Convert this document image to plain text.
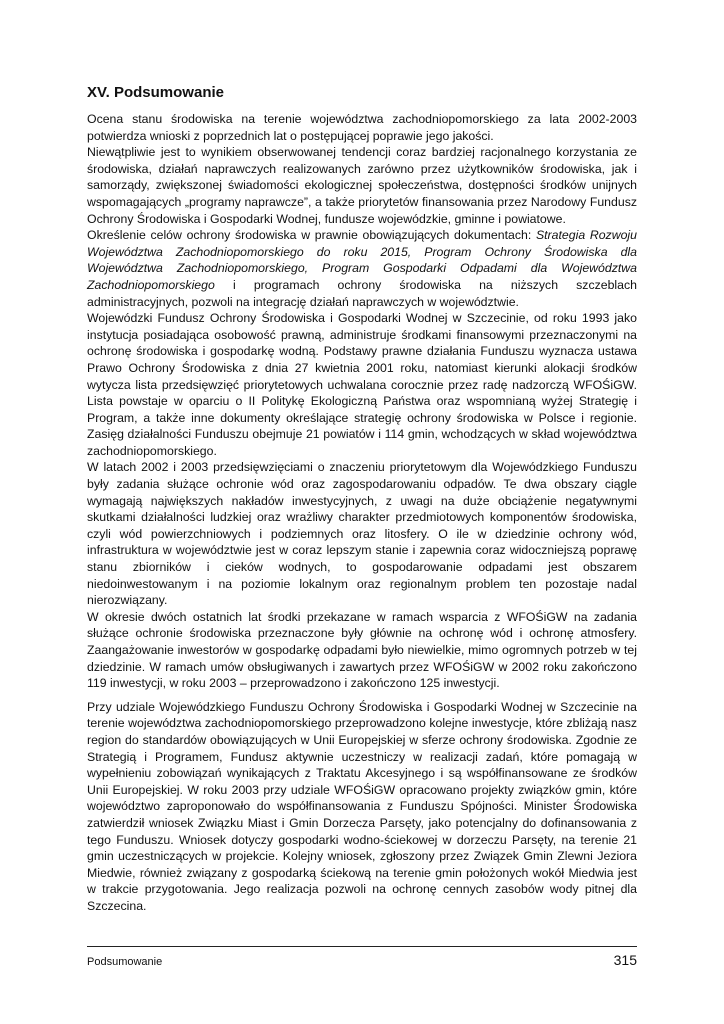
XV. Podsumowanie

Ocena stanu środowiska na terenie województwa zachodniopomorskiego za lata 2002-2003 potwierdza wnioski z poprzednich lat o postępującej poprawie jego jakości.

Niewątpliwie jest to wynikiem obserwowanej tendencji coraz bardziej racjonalnego korzystania ze środowiska, działań naprawczych realizowanych zarówno przez użytkowników środowiska, jak i samorządy, zwiększonej świadomości ekologicznej społeczeństwa, dostępności środków unijnych wspomagających „programy naprawcze”, a także priorytetów finansowania przez Narodowy Fundusz Ochrony Środowiska i Gospodarki Wodnej, fundusze wojewódzkie, gminne i powiatowe.

Określenie celów ochrony środowiska w prawnie obowiązujących dokumentach: Strategia Rozwoju Województwa Zachodniopomorskiego do roku 2015, Program Ochrony Środowiska dla Województwa Zachodniopomorskiego, Program Gospodarki Odpadami dla Województwa Zachodniopomorskiego i programach ochrony środowiska na niższych szczeblach administracyjnych, pozwoli na integrację działań naprawczych w województwie.

Wojewódzki Fundusz Ochrony Środowiska i Gospodarki Wodnej w Szczecinie, od roku 1993 jako instytucja posiadająca osobowość prawną, administruje środkami finansowymi przeznaczonymi na ochronę środowiska i gospodarkę wodną. Podstawy prawne działania Funduszu wyznacza ustawa Prawo Ochrony Środowiska z dnia 27 kwietnia 2001 roku, natomiast kierunki alokacji środków wytycza lista przedsięwzięć priorytetowych uchwalana corocznie przez radę nadzorczą WFOŚiGW. Lista powstaje w oparciu o II Politykę Ekologiczną Państwa oraz wspomnianą wyżej Strategię i Program, a także inne dokumenty określające strategię ochrony środowiska w Polsce i regionie. Zasięg działalności Funduszu obejmuje 21 powiatów i 114 gmin, wchodzących w skład województwa zachodniopomorskiego.

W latach 2002 i 2003 przedsięwzięciami o znaczeniu priorytetowym dla Wojewódzkiego Funduszu były zadania służące ochronie wód oraz zagospodarowaniu odpadów. Te dwa obszary ciągle wymagają największych nakładów inwestycyjnych, z uwagi na duże obciążenie negatywnymi skutkami działalności ludzkiej oraz wrażliwy charakter przedmiotowych komponentów środowiska, czyli wód powierzchniowych i podziemnych oraz litosfery. O ile w dziedzinie ochrony wód, infrastruktura w województwie jest w coraz lepszym stanie i zapewnia coraz widoczniejszą poprawę stanu zbiorników i cieków wodnych, to gospodarowanie odpadami jest obszarem niedoinwestowanym i na poziomie lokalnym oraz regionalnym problem ten pozostaje nadal nierozwiązany.

W okresie dwóch ostatnich lat środki przekazane w ramach wsparcia z WFOŚiGW na zadania służące ochronie środowiska przeznaczone były głównie na ochronę wód i ochronę atmosfery. Zaangażowanie inwestorów w gospodarkę odpadami było niewielkie, mimo ogromnych potrzeb w tej dziedzinie. W ramach umów obsługiwanych i zawartych przez WFOŚiGW w 2002 roku zakończono 119 inwestycji, w roku 2003 – przeprowadzono i zakończono 125 inwestycji.

Przy udziale Wojewódzkiego Funduszu Ochrony Środowiska i Gospodarki Wodnej w Szczecinie na terenie województwa zachodniopomorskiego przeprowadzono kolejne inwestycje, które zbliżają nasz region do standardów obowiązujących w Unii Europejskiej w sferze ochrony środowiska. Zgodnie ze Strategią i Programem, Fundusz aktywnie uczestniczy w realizacji zadań, które pomagają w wypełnieniu zobowiązań wynikających z Traktatu Akcesyjnego i są współfinansowane ze środków Unii Europejskiej. W roku 2003 przy udziale WFOŚiGW opracowano projekty związków gmin, które województwo zaproponowało do współfinansowania z Funduszu Spójności. Minister Środowiska zatwierdził wniosek Związku Miast i Gmin Dorzecza Parsęty, jako potencjalny do dofinansowania z tego Funduszu. Wniosek dotyczy gospodarki wodno-ściekowej w dorzeczu Parsęty, na terenie 21 gmin uczestniczących w projekcie. Kolejny wniosek, zgłoszony przez Związek Gmin Zlewni Jeziora Miedwie, również związany z gospodarką ściekową na terenie gmin położonych wokół Miedwia jest w trakcie przygotowania. Jego realizacja pozwoli na ochronę cennych zasobów wody pitnej dla Szczecina.

Podsumowanie	315
